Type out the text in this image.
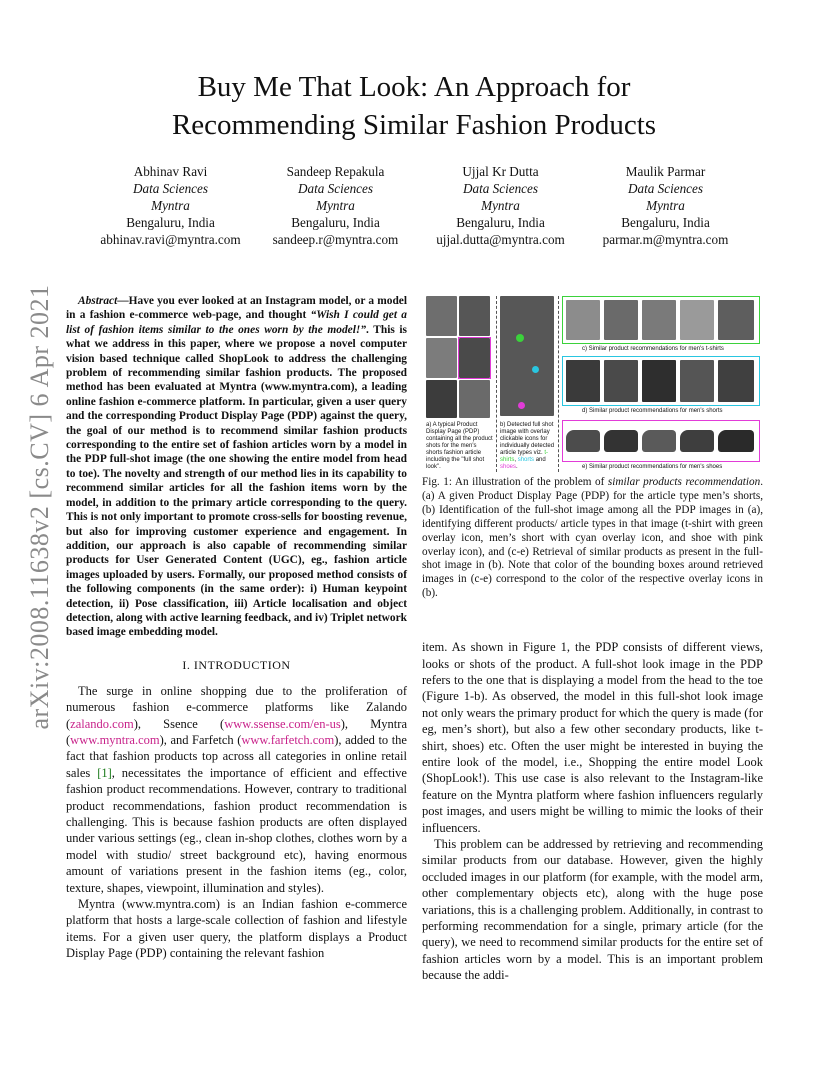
arXiv:2008.11638v2 [cs.CV] 6 Apr 2021
Buy Me That Look: An Approach for
Recommending Similar Fashion Products
Abhinav Ravi
Data Sciences
Myntra
Bengaluru, India
abhinav.ravi@myntra.com
Sandeep Repakula
Data Sciences
Myntra
Bengaluru, India
sandeep.r@myntra.com
Ujjal Kr Dutta
Data Sciences
Myntra
Bengaluru, India
ujjal.dutta@myntra.com
Maulik Parmar
Data Sciences
Myntra
Bengaluru, India
parmar.m@myntra.com

Abstract—Have you ever looked at an Instagram model, or a model in a fashion e-commerce web-page, and thought “Wish I could get a list of fashion items similar to the ones worn by the model!”. This is what we address in this paper, where we propose a novel computer vision based technique called ShopLook to address the challenging problem of recommending similar fashion products. The proposed method has been evaluated at Myntra (www.myntra.com), a leading online fashion e-commerce platform. In particular, given a user query and the corresponding Product Display Page (PDP) against the query, the goal of our method is to recommend similar fashion products corresponding to the entire set of fashion articles worn by a model in the PDP full-shot image (the one showing the entire model from head to toe). The novelty and strength of our method lies in its capability to recommend similar articles for all the fashion items worn by the model, in addition to the primary article corresponding to the query. This is not only important to promote cross-sells for boosting revenue, but also for improving customer experience and engagement. In addition, our approach is also capable of recommending similar products for User Generated Content (UGC), eg., fashion article images uploaded by users. Formally, our proposed method consists of the following components (in the same order): i) Human keypoint detection, ii) Pose classification, iii) Article localisation and object detection, along with active learning feedback, and iv) Triplet network based image embedding model.

I. INTRODUCTION

The surge in online shopping due to the proliferation of numerous fashion e-commerce platforms like Zalando (zalando.com), Ssence (www.ssense.com/en-us), Myntra (www.myntra.com), and Farfetch (www.farfetch.com), added to the fact that fashion products top across all categories in online retail sales [1], necessitates the importance of efficient and effective fashion product recommendations. However, contrary to traditional product recommendations, fashion product recommendation is challenging. This is because fashion products are often displayed under various settings (eg., clean in-shop clothes, clothes worn by a model with studio/ street background etc), having enormous amount of variations present in the fashion items (eg., color, texture, shapes, viewpoint, illumination and styles).

Myntra (www.myntra.com) is an Indian fashion e-commerce platform that hosts a large-scale collection of fashion and lifestyle items. For a given user query, the platform displays a Product Display Page (PDP) containing the relevant fashion

a) A typical Product Display Page (PDP) containing all the product shots for the men's shorts fashion article including the "full shot look".
b) Detected full shot image with overlay clickable icons for individually detected article types viz. t-shirts, shorts and shoes.
c) Similar product recommendations for men's t-shirts
d) Similar product recommendations for men's shorts
e) Similar product recommendations for men's shoes

Fig. 1: An illustration of the problem of similar products recommendation. (a) A given Product Display Page (PDP) for the article type men’s shorts, (b) Identification of the full-shot image among all the PDP images in (a), identifying different products/ article types in that image (t-shirt with green overlay icon, men’s short with cyan overlay icon, and shoe with pink overlay icon), and (c-e) Retrieval of similar products as present in the full-shot image in (b). Note that color of the bounding boxes around retrieved images in (c-e) correspond to the color of the respective overlay icons in (b).

item. As shown in Figure 1, the PDP consists of different views, looks or shots of the product. A full-shot look image in the PDP refers to the one that is displaying a model from the head to the toe (Figure 1-b). As observed, the model in this full-shot look image not only wears the primary product for which the query is made (for eg, men’s short), but also a few other secondary products, like t-shirt, shoes) etc. Often the user might be interested in buying the entire look of the model, i.e., Shopping the entire model Look (ShopLook!). This use case is also relevant to the Instagram-like feature on the Myntra platform where fashion influencers regularly post images, and users might be willing to mimic the looks of their influencers.

This problem can be addressed by retrieving and recommending similar products from our database. However, given the highly occluded images in our platform (for example, with the model arm, other complementary objects etc), along with the huge pose variations, this is a challenging problem. Additionally, in contrast to performing recommendation for a single, primary article (for the query), we need to recommend similar products for the entire set of fashion articles worn by a model. This is an important problem because the addi-
